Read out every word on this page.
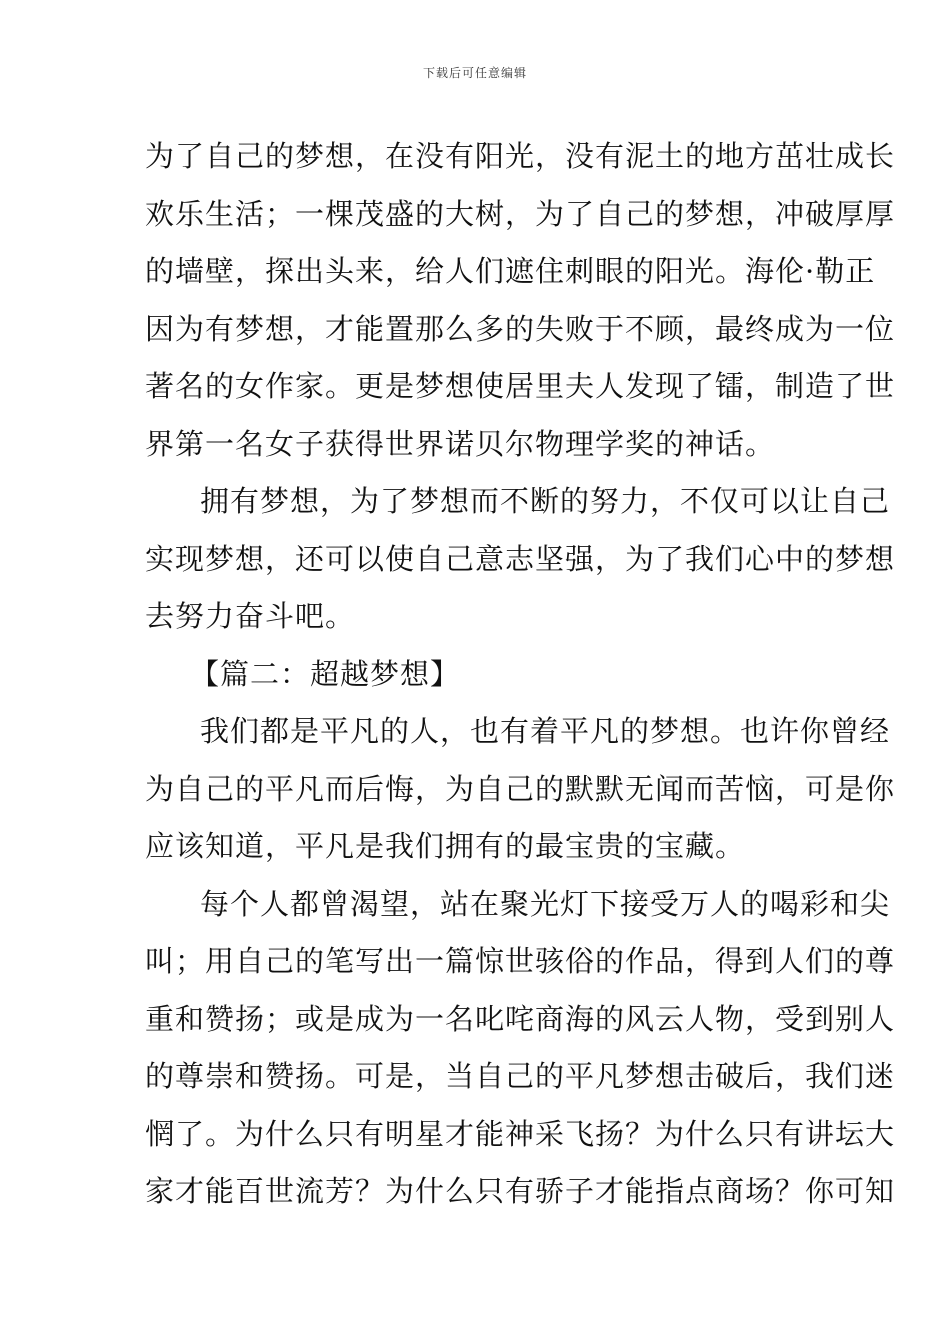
下载后可任意编辑
为了自己的梦想，在没有阳光，没有泥土的地方茁壮成长
欢乐生活；一棵茂盛的大树，为了自己的梦想，冲破厚厚
的墙壁，探出头来，给人们遮住刺眼的阳光。海伦·勒正
因为有梦想，才能置那么多的失败于不顾，最终成为一位
著名的女作家。更是梦想使居里夫人发现了镭，制造了世
界第一名女子获得世界诺贝尔物理学奖的神话。
拥有梦想，为了梦想而不断的努力，不仅可以让自己
实现梦想，还可以使自己意志坚强，为了我们心中的梦想
去努力奋斗吧。
【篇二：超越梦想】
我们都是平凡的人，也有着平凡的梦想。也许你曾经
为自己的平凡而后悔，为自己的默默无闻而苦恼，可是你
应该知道，平凡是我们拥有的最宝贵的宝藏。
每个人都曾渴望，站在聚光灯下接受万人的喝彩和尖
叫；用自己的笔写出一篇惊世骇俗的作品，得到人们的尊
重和赞扬；或是成为一名叱咤商海的风云人物，受到别人
的尊崇和赞扬。可是，当自己的平凡梦想击破后，我们迷
惘了。为什么只有明星才能神采飞扬？为什么只有讲坛大
家才能百世流芳？为什么只有骄子才能指点商场？你可知
